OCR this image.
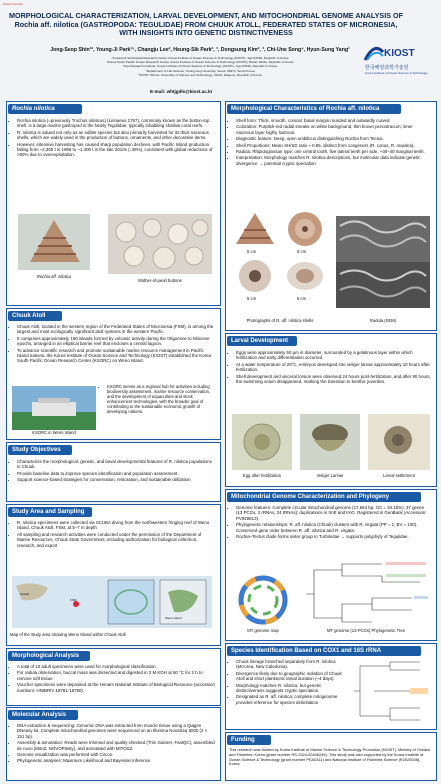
Poster Number
MORPHOLOGICAL CHARACTERIZATION, LARVAL DEVELOPMENT, AND MITOCHONDRIAL GENOME ANALYSIS OF Rochia aff. nilotica (GASTROPODA: TEGULIDAE) FROM CHUUK ATOLL, FEDERATED STATES OF MICRONESIA, WITH INSIGHTS INTO GENETIC DISTINCTIVENESS
Jong-Seop Shin¹², Young-Ji Park¹⁵, Changju Lee², Heung-Sik Park², ³, Dongsung Kim², ³, Chi-Une Song⁴, Hyun-Sung Yang¹
¹Tropical & Subtropical Research Center, Korea Institute of Ocean Science & Technology (KIOST), Jeju 63349, Republic of Korea
²Korea South Pacific Ocean Research Center, Korea Institute of Ocean Science & Technology (KIOST), Busan 49111, Republic of Korea
³Jeju Research Institute, Korea Institute of Ocean Science & Technology (KIOST), Jeju 63349, Republic of Korea
⁴Department of Life Science, Chung-Ang University, Seoul, 06974, South Korea
⁵KIOST School, University of Science and Technology, 34113, Daejeon, Republic of Korea
E-mail: whtjgdls@kiost.ac.kr
KIOST
한국해양과학기술원
Korea Institute of Ocean Science & Technology
Rochia nilotica
• Rochia nilotica (=previously Trochus niloticus) (Linnaeus 1767), commonly known as the button-top shell, is a large marine gastropod in the family Tegulidae, typically inhabiting shallow coral reefs.
• R. nilotica is valued not only as an edible species but also primarily harvested for its thick nacreous shells, which are widely used in the production of buttons, ornaments, and other decorative items.
• However, intensive harvesting has caused sharp population declines, with Pacific Island production falling from ~2,300 t in 1996 to ~1,400 t in the late 2010s (↓39%), consistent with global reductions of >50% due to overexploitation.
Rochia aff. nilotica
Mother-of-pearl buttons
Chuuk Atoll
• Chuuk Atoll, located in the western region of the Federated States of Micronesia (FSM), is among the largest and most ecologically significant atoll systems in the western Pacific.
• It comprises approximately 190 islands formed by volcanic activity during the Oligocene to Miocene epochs, arranged in an elliptical barrier reef that encloses a central lagoon.
• To advance scientific research and promote sustainable marine resource management in Pacific Island nations, the Korea Institute of Ocean Science and Technology (KIOST) established the Korea South Pacific Ocean Research Center (KSORC) on Weno Island.
KSORC in Weno Island
• KSORC serves as a regional hub for activities including biodiversity assessment, marine resource conservation, and the development of aquaculture and stock enhancement technologies, with the broader goal of contributing to the sustainable economic growth of developing nations.
Study Objectives
• Characterize the morphological, genetic, and larval developmental features of R. nilotica populations in Chuuk.
• Provide baseline data to improve species identification and population assessment.
• Support science-based strategies for conservation, restoration, and sustainable utilization
Study Area and Sampling
• R. nilotica specimens were collected via SCUBA diving from the northwestern fringing reef of Weno Island, Chuuk Atoll, FSM, at 5–7 m depth
• All sampling and research activities were conducted under the permission of the Department of Marine Resources, Chuuk State Government, including authorization for biological collection, research, and export
Hawaii
FSM
Weno Island
Map of the study area showing Weno Island within Chuuk Atoll
Morphological Analysis
• A total of 10 adult specimens were used for morphological classification.
• For radula observation, buccal mass was dissected and digested in 2 M KOH at 60 °C for 2 h to remove soft tissue.
• Voucher specimens were deposited at the Honam National Institute of Biological Resource (accession numbers: HNIBRIV 18781-18790).
Molecular Analysis
• DNA extraction & sequencing: Genomic DNA was extracted from muscle tissue using a Qiagen DNeasy kit. Complete mitochondrial genomes were sequenced on an Illumina NovaSeq 6000 (2 × 151 bp).
• Assembly & annotation: Reads were trimmed and quality-checked (Trim Galore!, FastQC), assembled de novo (MitoZ, NOVOPlasty), and annotated with MITOS2.
• Genome visualization was performed with Circos.
• Phylogenetic analyses: Maximum Likelihood and Bayesian Inference
Morphological Characteristics of Rochia aff. nilotica
• Shell form: Thick, smooth, conical; basal margin rounded and outwardly curved.
• Coloration: Purplish-red radial streaks on white background, thin brown periostracum; inner nacreous layer highly lustrous.
• Diagnostic feature: Deep, open umbilicus distinguishing Rochia from Tectus.
• Shell Proportions: Mean SH/SD ratio ≈ 0.95, distinct from congeners (R. conus, R. maxima).
• Radula: Rhipidoglossan type; one central tooth, five lateral teeth per side, ~30–40 marginal teeth.
• Interpretation: Morphology matches R. nilotica descriptions, but molecular data indicate genetic divergence → potential cryptic speciation
5 cm	5 cm
5 cm	5 cm
Photographs of R. aff. nilotica shells	Radula (SEM)
Larval Development
• Eggs were approximately 50 μm in diameter, surrounded by a gelatinous layer within which fertilization and early differentiation occurred.
• At a water temperature of 29°C, embryos developed into veliger larvae approximately 10 hours after fertilization.
• Shell development and visceral torsion were observed 24 hours post-fertilization, and after 80 hours, the swimming velum disappeared, marking the transition to benthic juveniles.
Egg after fertilization	Veliger Larvae	Larval settlement
Mitochondrial Genome Characterization and Phylogeny
• Genome features: Complete circular mitochondrial genome (17,664 bp; GC = 34.15%). 37 genes (13 PCGs, 2 rRNAs, 24 tRNAs); duplications in trnE and trnG. Registered in GenBank (Accession: PV929813).
• Phylogenetic relationships: R. aff. nilotica (Chuuk) clusters with R. virgata (PP = 1; BV = 100). Conserved gene order between R. aff. nilotica and R. virgata.
• Rochia–Tectus clade forms sister group to Turbinidae → supports polyphyly of Tegulidae.
MT genome map	MT genome (13-PCGs) Phylogenetic Tree
Species Identification Based on COX1 and 16S rRNA
• Chuuk lineage branched separately from R. nilotica (Mo'orea, New Caledonia).
• Divergence likely due to geographic isolation of Chuuk Atoll and short planktonic larval duration (~4 days).
• Morphology matches R. nilotica, but genetic distinctiveness suggests cryptic speciation.
• Designated as R. aff. nilotica; complete mitogenome provides reference for species delimitation.
Funding
This research was funded by Korea Institute of Marine Science & Technology Promotion (KIMST), Ministry of Oceans and Fisheries, Korea (grant number RS-2024-00406249). This study was also supported by the Korea Institute of Ocean Science & Technology (grant number PEA0311) and National Institute of Fisheries Science (R2025036), Korea.
